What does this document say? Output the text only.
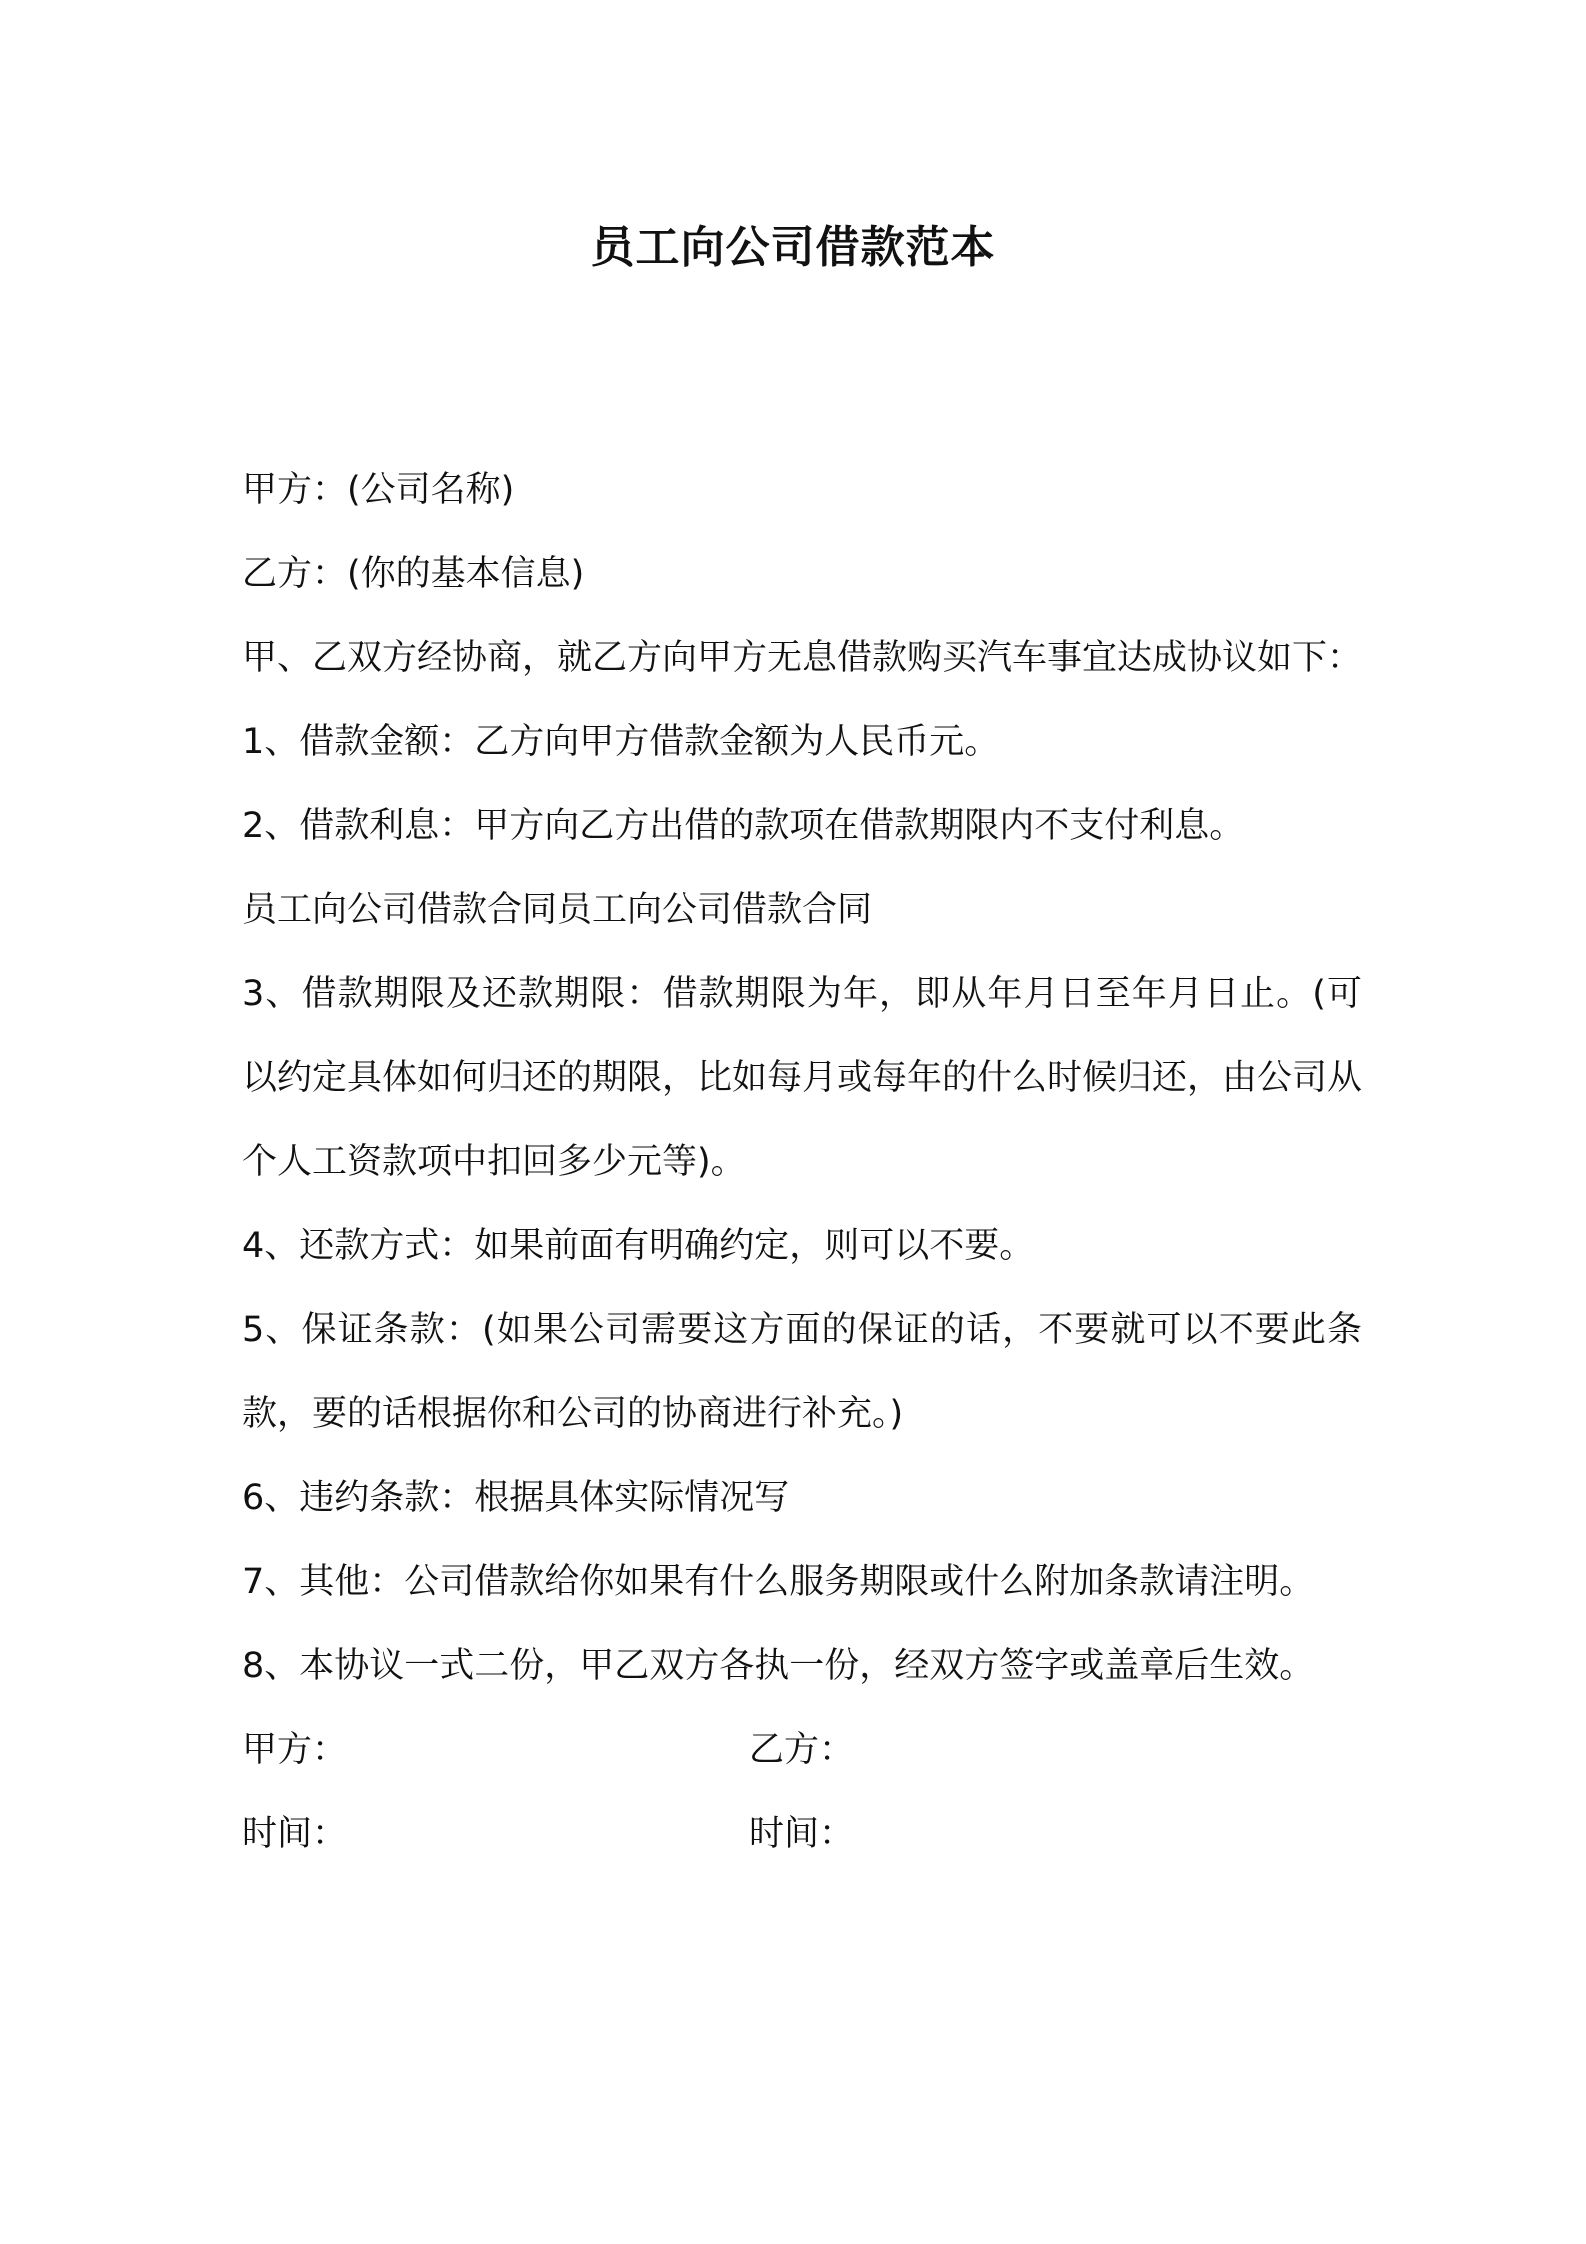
员工向公司借款范本

甲方：(公司名称)

乙方：(你的基本信息)

甲、乙双方经协商，就乙方向甲方无息借款购买汽车事宜达成协议如下：

1、借款金额：乙方向甲方借款金额为人民币元。

2、借款利息：甲方向乙方出借的款项在借款期限内不支付利息。

员工向公司借款合同员工向公司借款合同

3、借款期限及还款期限：借款期限为年，即从年月日至年月日止。(可以约定具体如何归还的期限，比如每月或每年的什么时候归还，由公司从个人工资款项中扣回多少元等)。

4、还款方式：如果前面有明确约定，则可以不要。

5、保证条款：(如果公司需要这方面的保证的话，不要就可以不要此条款，要的话根据你和公司的协商进行补充。)

6、违约条款：根据具体实际情况写

7、其他：公司借款给你如果有什么服务期限或什么附加条款请注明。

8、本协议一式二份，甲乙双方各执一份，经双方签字或盖章后生效。

甲方：	乙方：
时间：	时间：
